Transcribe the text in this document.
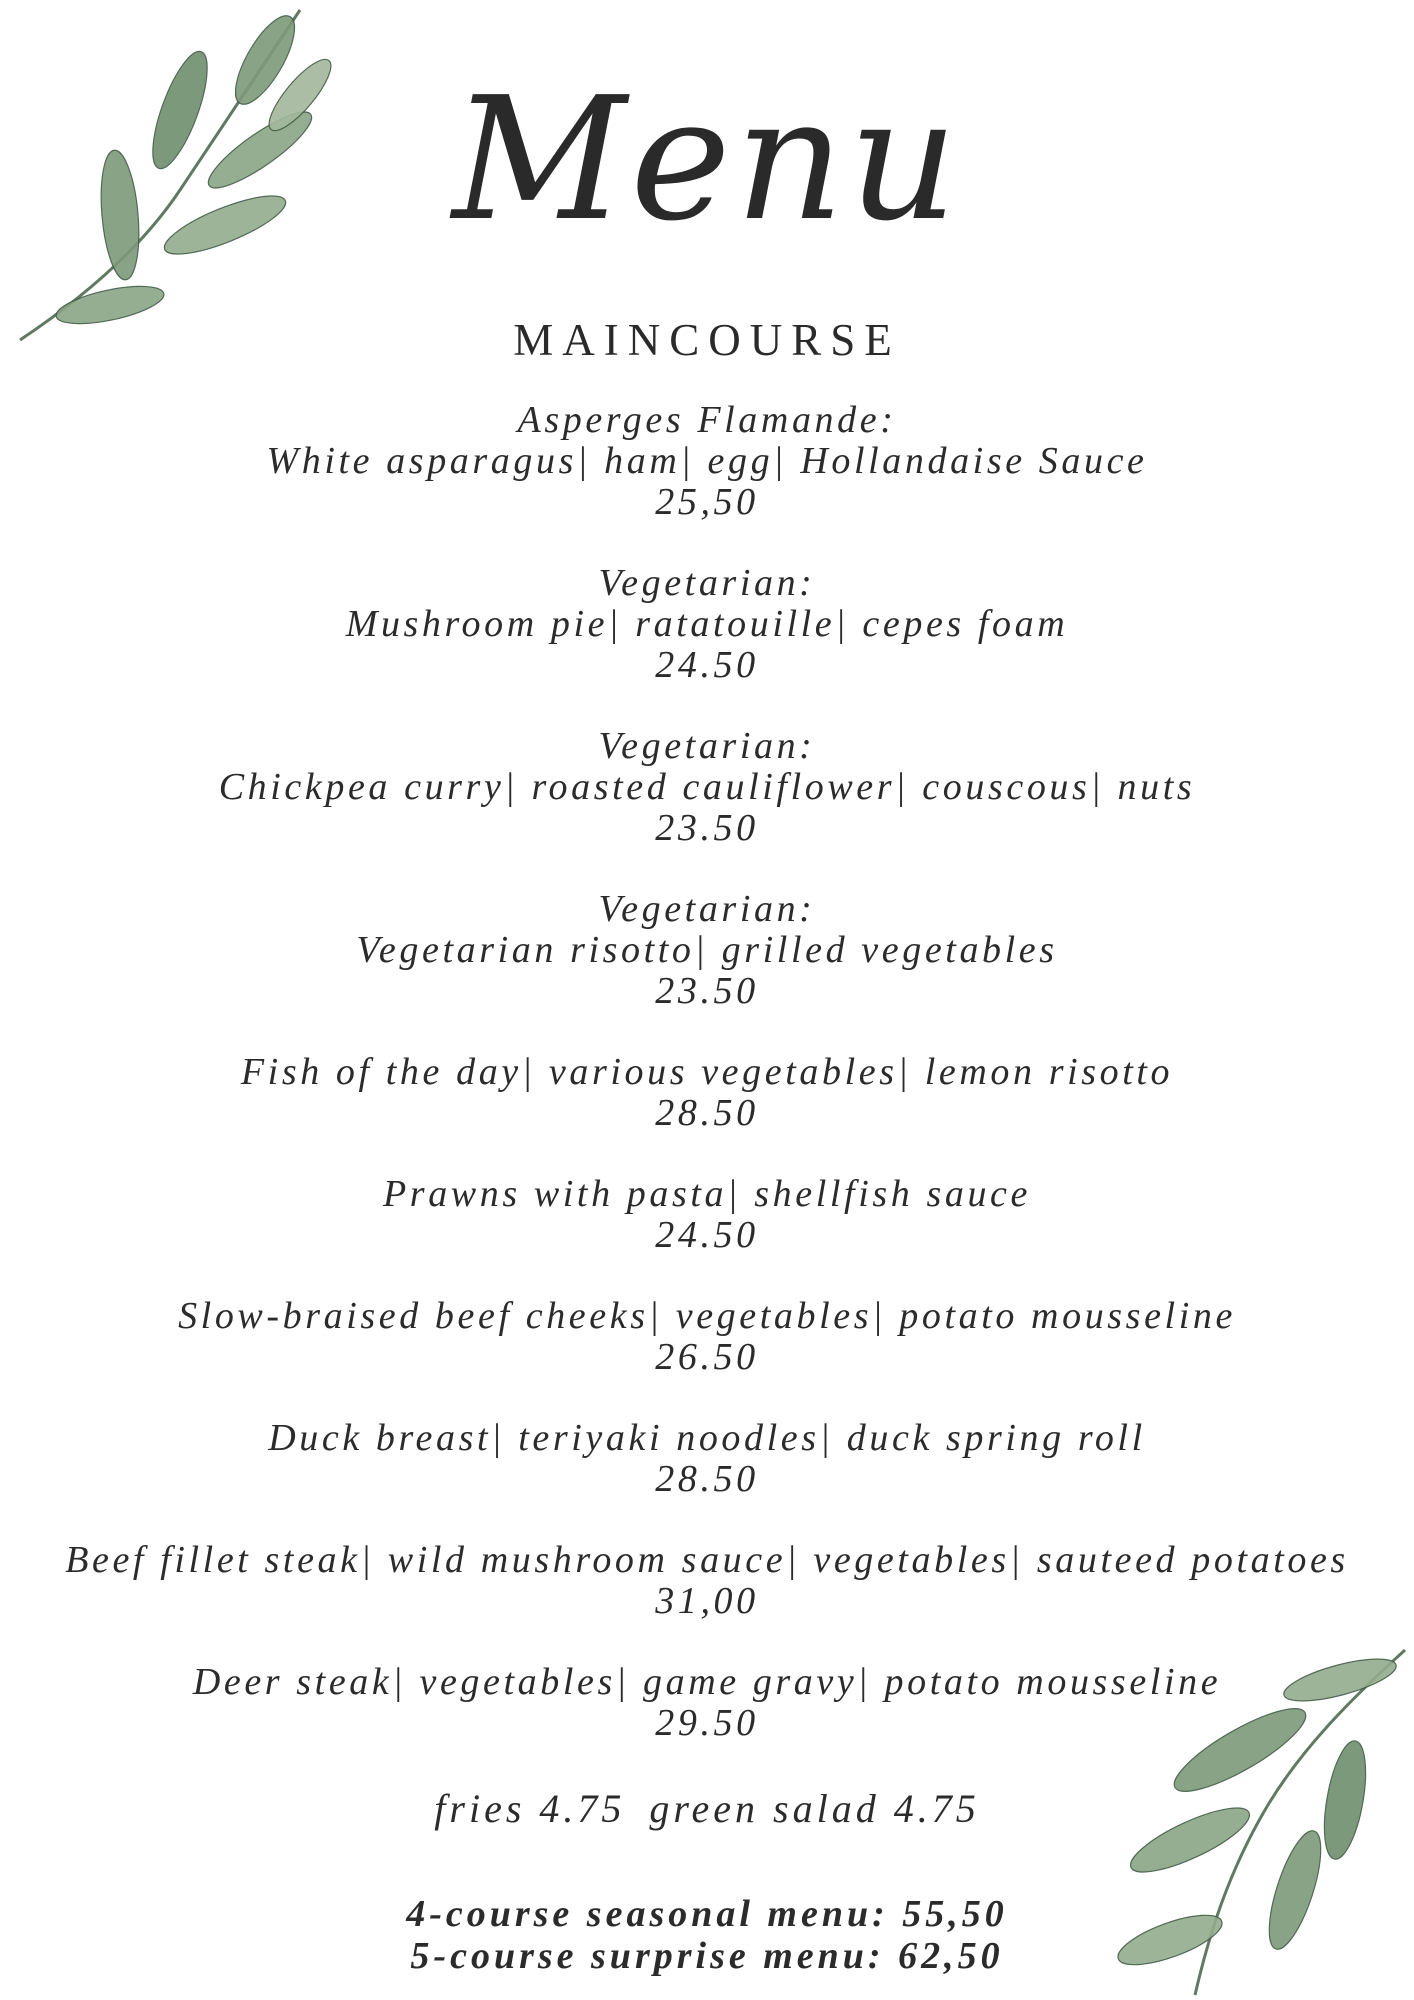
Menu
MAINCOURSE
Asperges Flamande:
White asparagus| ham| egg| Hollandaise Sauce
25,50
Vegetarian:
Mushroom pie| ratatouille| cepes foam
24.50
Vegetarian:
Chickpea curry| roasted cauliflower| couscous| nuts
23.50
Vegetarian:
Vegetarian risotto| grilled vegetables
23.50
Fish of the day| various vegetables| lemon risotto
28.50
Prawns with pasta| shellfish sauce
24.50
Slow-braised beef cheeks| vegetables| potato mousseline
26.50
Duck breast| teriyaki noodles| duck spring roll
28.50
Beef fillet steak| wild mushroom sauce| vegetables| sauteed potatoes
31,00
Deer steak| vegetables| game gravy| potato mousseline
29.50
fries 4.75 green salad 4.75
4-course seasonal menu: 55,50
5-course surprise menu: 62,50
